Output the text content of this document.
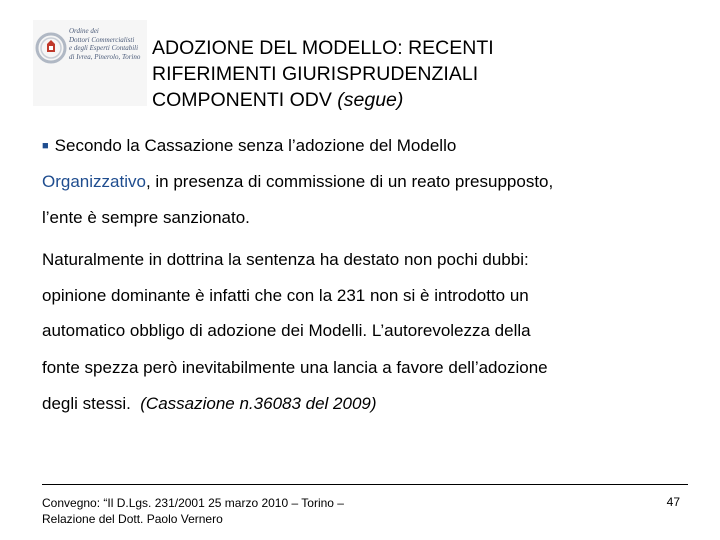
Ordine dei
Dottori Commercialisti
e degli Esperti Contabili
di Ivrea, Pinerolo, Torino ADOZIONE DEL MODELLO: RECENTI
RIFERIMENTI GIURISPRUDENZIALI
COMPONENTI ODV (segue)
■ Secondo la Cassazione senza l’adozione del Modello
Organizzativo, in presenza di commissione di un reato presupposto,
l’ente è sempre sanzionato.
Naturalmente in dottrina la sentenza ha destato non pochi dubbi:
opinione dominante è infatti che con la 231 non si è introdotto un
automatico obbligo di adozione dei Modelli. L’autorevolezza della
fonte spezza però inevitabilmente una lancia a favore dell’adozione
degli stessi.  (Cassazione n.36083 del 2009)
Convegno: “Il D.Lgs. 231/2001 25 marzo 2010 – Torino –
Relazione del Dott. Paolo Vernero
47
